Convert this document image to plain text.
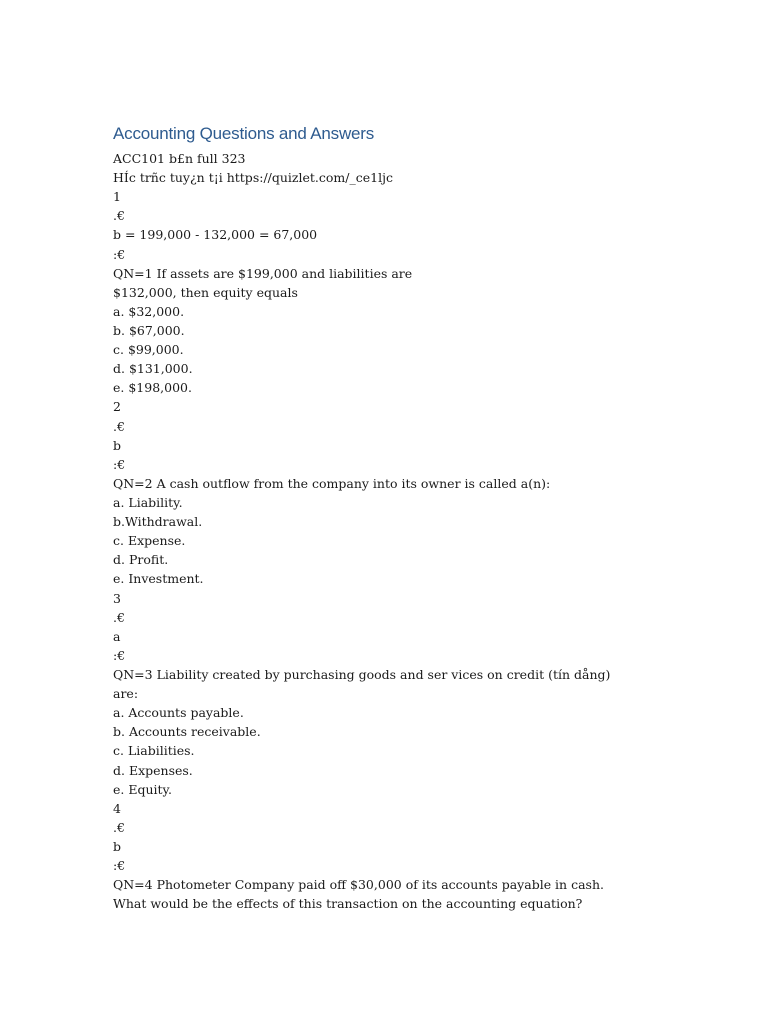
Accounting Questions and Answers
ACC101 b£n full 323
HÍc trñc tuy¿n t¡i https://quizlet.com/_ce1ljc
1
.€
b = 199,000 - 132,000 = 67,000
:€
QN=1 If assets are $199,000 and liabilities are
$132,000, then equity equals
a. $32,000.
b. $67,000.
c. $99,000.
d. $131,000.
e. $198,000.
2
.€
b
:€
QN=2 A cash outflow from the company into its owner is called a(n):
a. Liability.
b.Withdrawal.
c. Expense.
d. Profit.
e. Investment.
3
.€
a
:€
QN=3 Liability created by purchasing goods and ser vices on credit (tín dång)
are:
a. Accounts payable.
b. Accounts receivable.
c. Liabilities.
d. Expenses.
e. Equity.
4
.€
b
:€
QN=4 Photometer Company paid off $30,000 of its accounts payable in cash.
What would be the effects of this transaction on the accounting equation?
